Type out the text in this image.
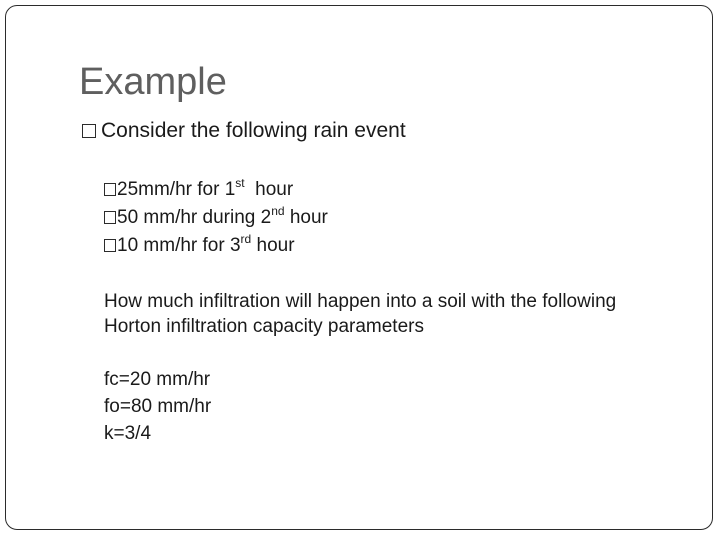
Example
Consider the following rain event
25mm/hr for 1st  hour
50 mm/hr during 2nd hour
10 mm/hr for 3rd hour

How much infiltration will happen into a soil with the following Horton infiltration capacity parameters

fc=20 mm/hr
fo=80 mm/hr
k=3/4
